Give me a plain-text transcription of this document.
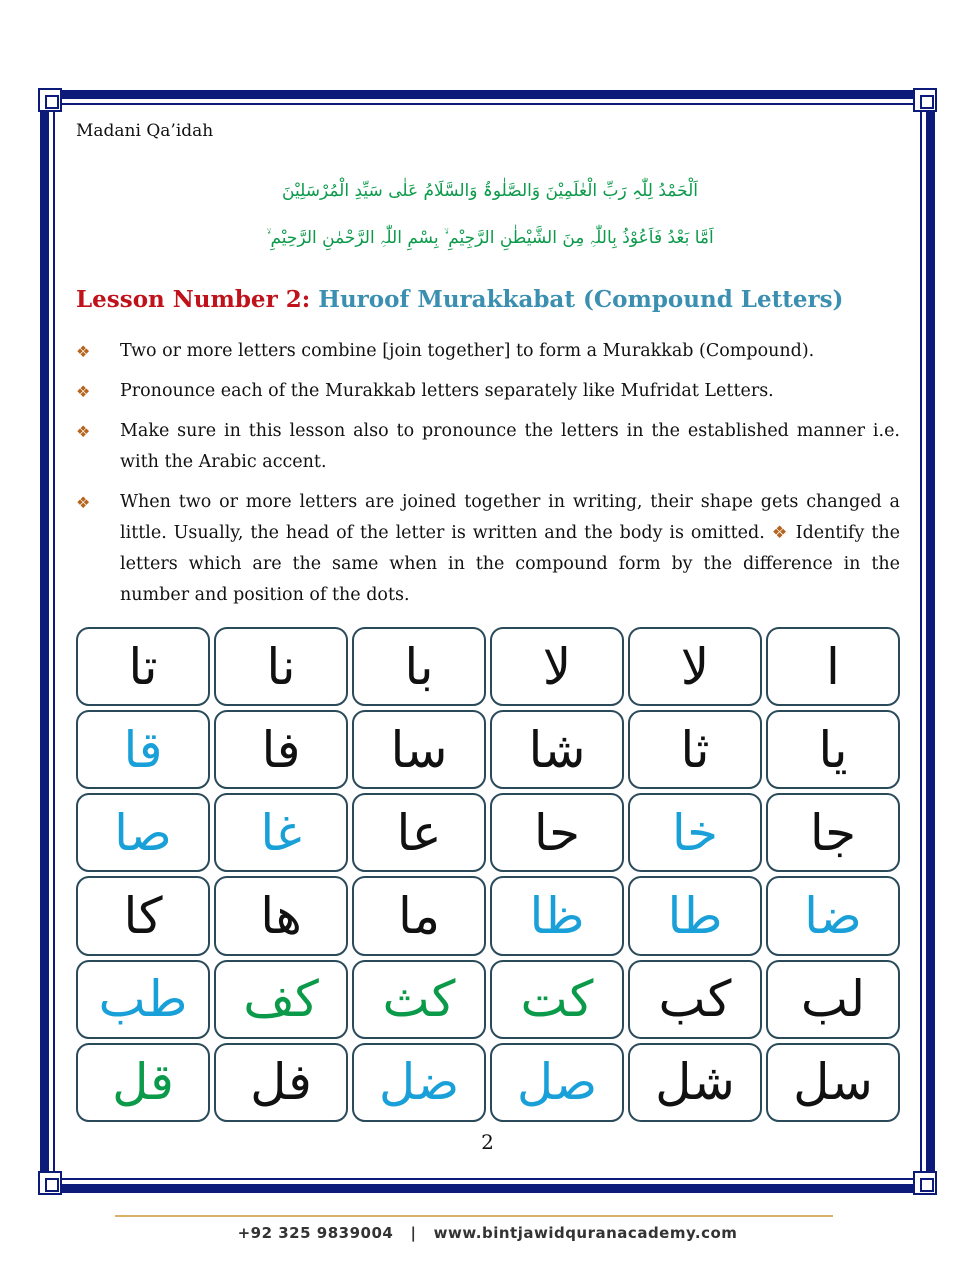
Madani Qa’idah
اَلْحَمْدُ لِلّٰہِ رَبِّ الْعٰلَمِیْنَ وَالصَّلٰوۃُ وَالسَّلَامُ عَلٰی سَیِّدِ الْمُرْسَلِیْنَ
اَمَّا بَعْدُ فَاَعُوْذُ بِاللّٰہِ مِنَ الشَّیْطٰنِ الرَّجِیْمِ ۙ بِسْمِ اللّٰہِ الرَّحْمٰنِ الرَّحِیْمِ ۙ
Lesson Number 2: Huroof Murakkabat (Compound Letters)
❖ Two or more letters combine [join together] to form a Murakkab (Compound).
❖ Pronounce each of the Murakkab letters separately like Mufridat Letters.
❖ Make sure in this lesson also to pronounce the letters in the established manner i.e. with the Arabic accent.
❖ When two or more letters are joined together in writing, their shape gets changed a little. Usually, the head of the letter is written and the body is omitted. ❖ Identify the letters which are the same when in the compound form by the difference in the number and position of the dots.
تا	نا	با	لا	لا	ا
قا	فا	سا	شا	ثا	یا
صا	غا	عا	حا	خا	جا
کا	ھا	ما	ظا	طا	ضا
طب	کف	کث	کت	کب	لب
قل	فل	ضل	صل	شل	سل
2
+92 325 9839004 | www.bintjawidquranacademy.com
